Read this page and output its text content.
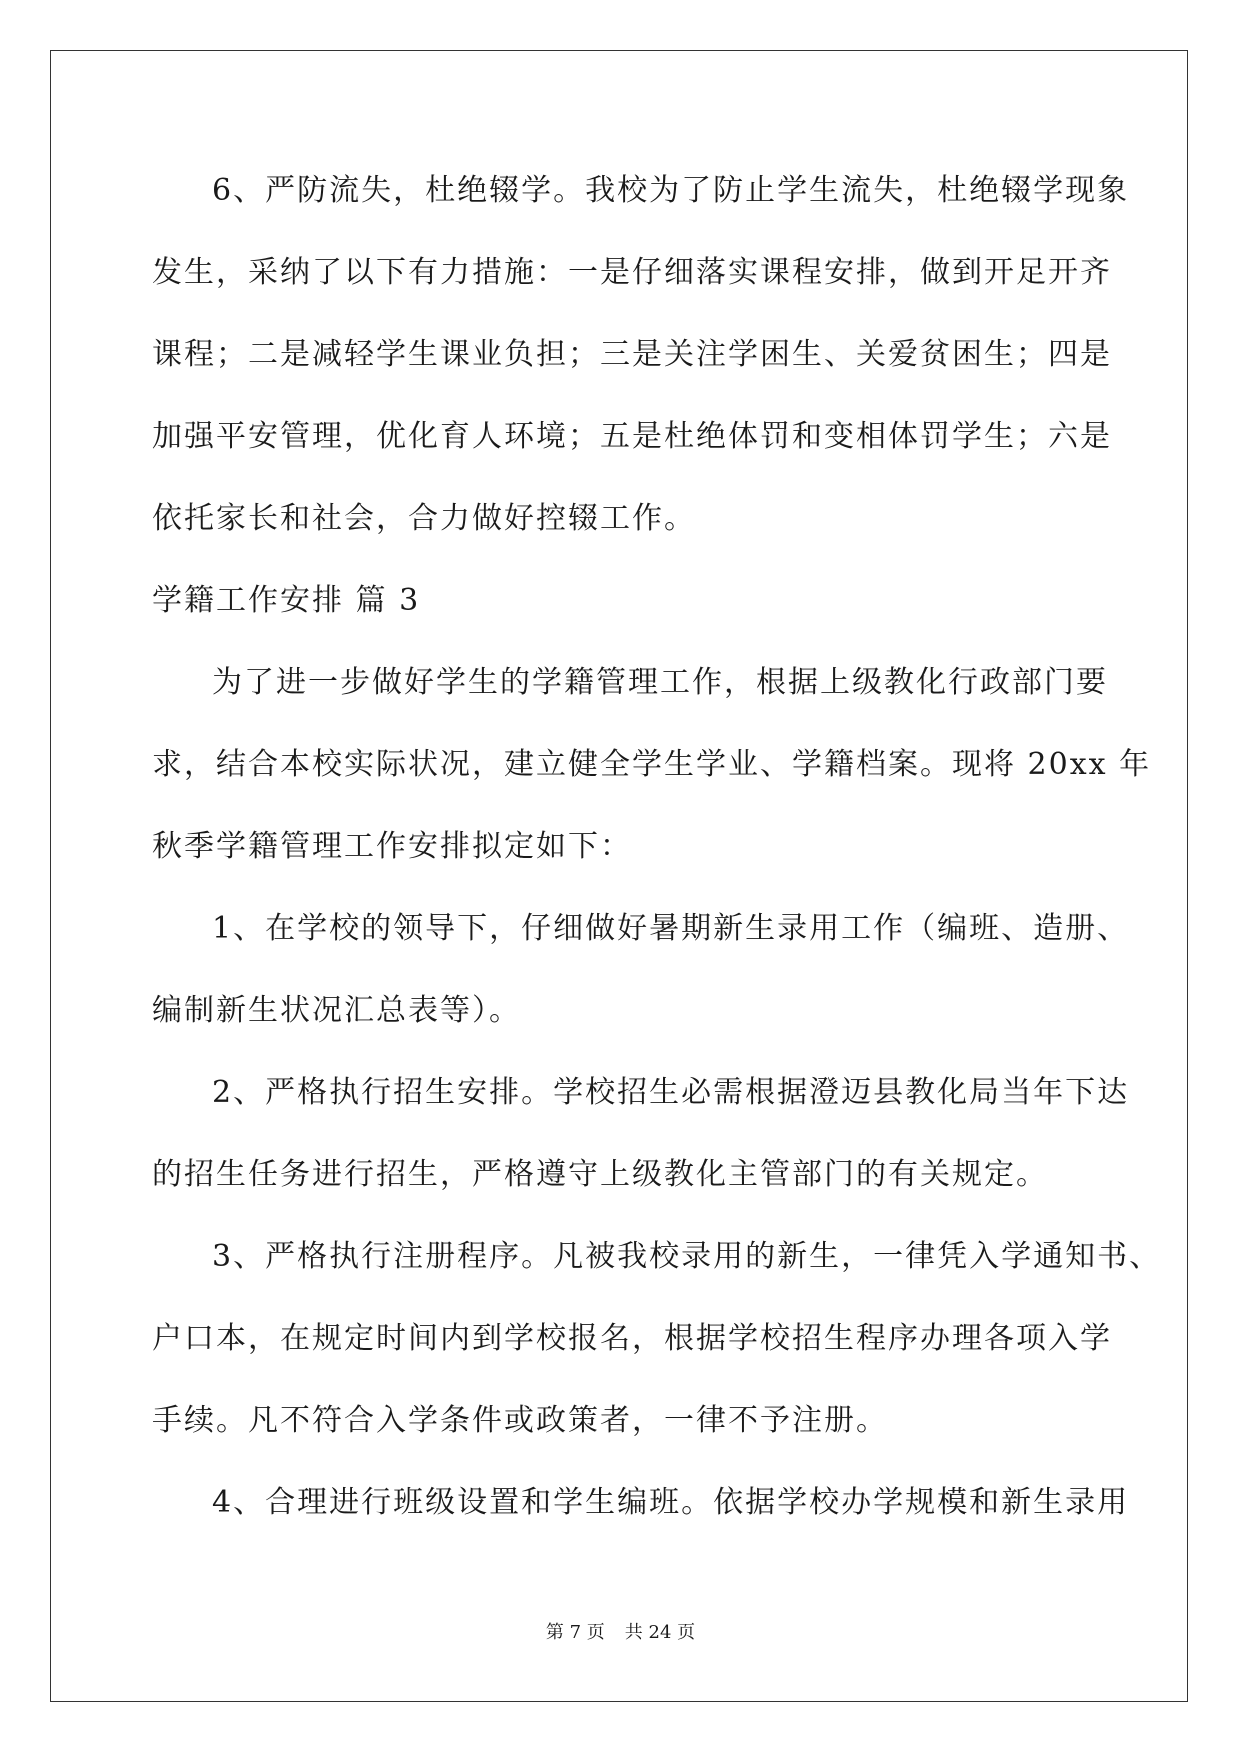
6、严防流失，杜绝辍学。我校为了防止学生流失，杜绝辍学现象

发生，采纳了以下有力措施：一是仔细落实课程安排，做到开足开齐

课程；二是减轻学生课业负担；三是关注学困生、关爱贫困生；四是

加强平安管理，优化育人环境；五是杜绝体罚和变相体罚学生；六是

依托家长和社会，合力做好控辍工作。

学籍工作安排 篇 3

为了进一步做好学生的学籍管理工作，根据上级教化行政部门要

求，结合本校实际状况，建立健全学生学业、学籍档案。现将 20xx 年

秋季学籍管理工作安排拟定如下：

1、在学校的领导下，仔细做好暑期新生录用工作（编班、造册、

编制新生状况汇总表等）。

2、严格执行招生安排。学校招生必需根据澄迈县教化局当年下达

的招生任务进行招生，严格遵守上级教化主管部门的有关规定。

3、严格执行注册程序。凡被我校录用的新生，一律凭入学通知书、

户口本，在规定时间内到学校报名，根据学校招生程序办理各项入学

手续。凡不符合入学条件或政策者，一律不予注册。

4、合理进行班级设置和学生编班。依据学校办学规模和新生录用

第 7 页 共 24 页
